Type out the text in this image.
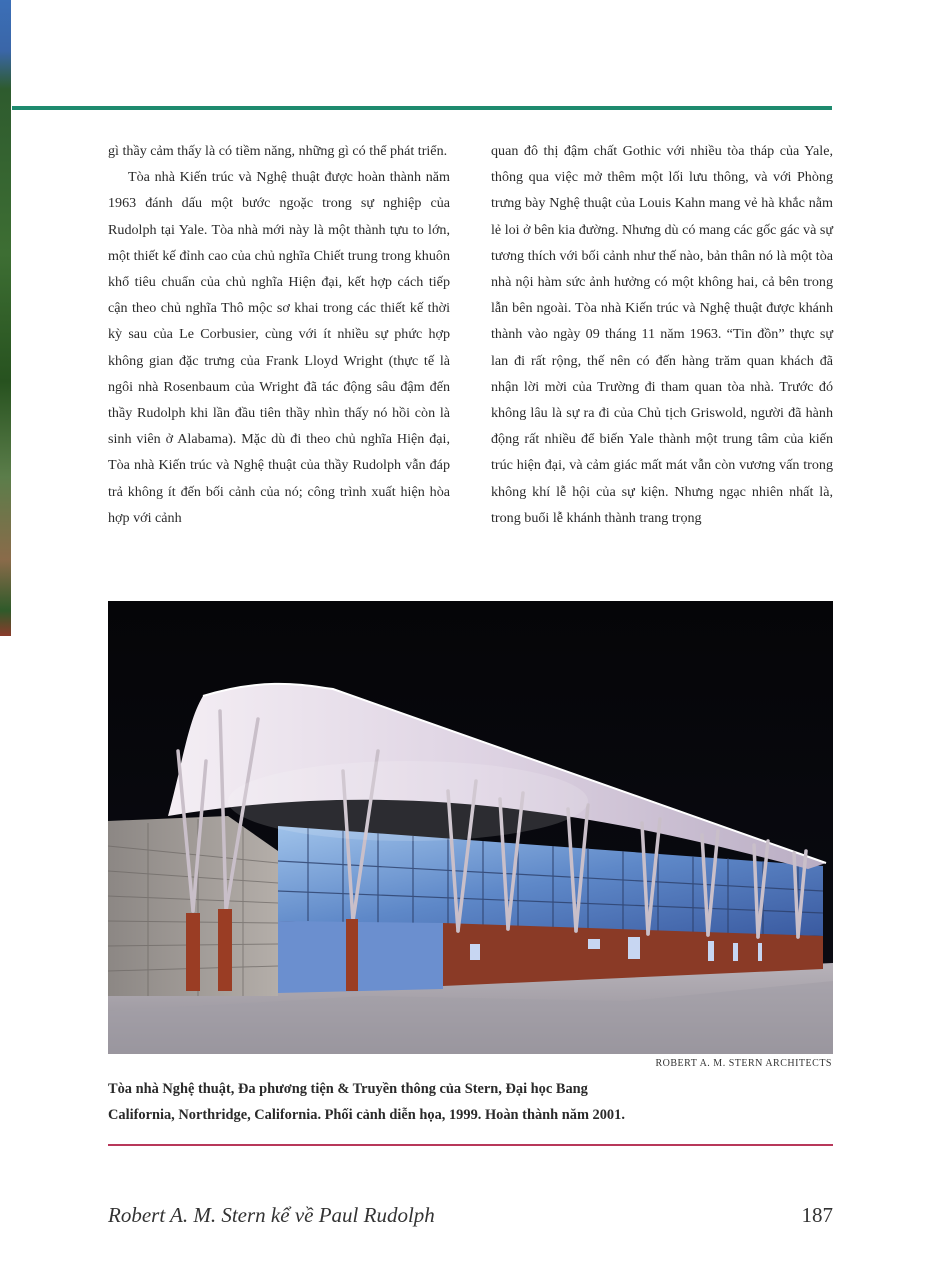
gì thầy cảm thấy là có tiềm năng, những gì có thể phát triển.

Tòa nhà Kiến trúc và Nghệ thuật được hoàn thành năm 1963 đánh dấu một bước ngoặc trong sự nghiệp của Rudolph tại Yale. Tòa nhà mới này là một thành tựu to lớn, một thiết kế đỉnh cao của chủ nghĩa Chiết trung trong khuôn khổ tiêu chuẩn của chủ nghĩa Hiện đại, kết hợp cách tiếp cận theo chủ nghĩa Thô mộc sơ khai trong các thiết kế thời kỳ sau của Le Corbusier, cùng với ít nhiều sự phức hợp không gian đặc trưng của Frank Lloyd Wright (thực tế là ngôi nhà Rosenbaum của Wright đã tác động sâu đậm đến thầy Rudolph khi lần đầu tiên thầy nhìn thấy nó hồi còn là sinh viên ở Alabama). Mặc dù đi theo chủ nghĩa Hiện đại, Tòa nhà Kiến trúc và Nghệ thuật của thầy Rudolph vẫn đáp trả không ít đến bối cảnh của nó; công trình xuất hiện hòa hợp với cảnh

quan đô thị đậm chất Gothic với nhiều tòa tháp của Yale, thông qua việc mở thêm một lối lưu thông, và với Phòng trưng bày Nghệ thuật của Louis Kahn mang vẻ hà khắc nằm lẻ loi ở bên kia đường. Nhưng dù có mang các gốc gác và sự tương thích với bối cảnh như thế nào, bản thân nó là một tòa nhà nội hàm sức ảnh hưởng có một không hai, cả bên trong lẫn bên ngoài. Tòa nhà Kiến trúc và Nghệ thuật được khánh thành vào ngày 09 tháng 11 năm 1963. “Tin đồn” thực sự lan đi rất rộng, thế nên có đến hàng trăm quan khách đã nhận lời mời của Trường đi tham quan tòa nhà. Trước đó không lâu là sự ra đi của Chủ tịch Griswold, người đã hành động rất nhiều để biến Yale thành một trung tâm của kiến trúc hiện đại, và cảm giác mất mát vẫn còn vương vấn trong không khí lễ hội của sự kiện. Nhưng ngạc nhiên nhất là, trong buổi lễ khánh thành trang trọng

ROBERT A. M. STERN ARCHITECTS

Tòa nhà Nghệ thuật, Đa phương tiện & Truyền thông của Stern, Đại học Bang

California, Northridge, California. Phối cảnh diễn họa, 1999. Hoàn thành năm 2001.

Robert A. M. Stern kể về Paul Rudolph	187
